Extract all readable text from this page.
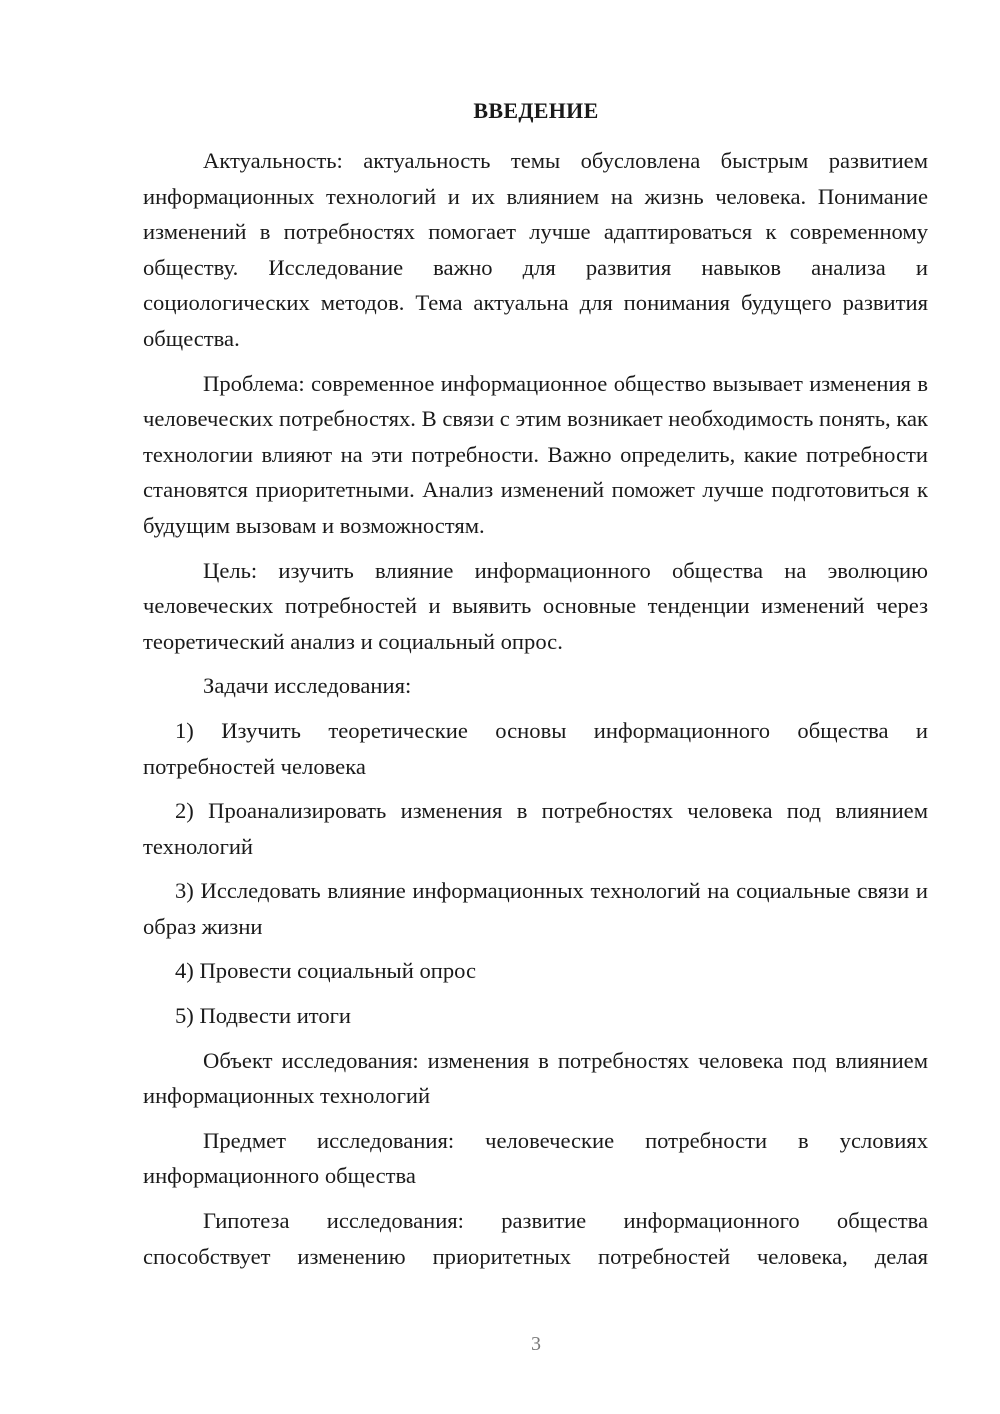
ВВЕДЕНИЕ

Актуальность: актуальность темы обусловлена быстрым развитием информационных технологий и их влиянием на жизнь человека. Понимание изменений в потребностях помогает лучше адаптироваться к современному обществу. Исследование важно для развития навыков анализа и социологических методов. Тема актуальна для понимания будущего развития общества.

Проблема: современное информационное общество вызывает изменения в человеческих потребностях. В связи с этим возникает необходимость понять, как технологии влияют на эти потребности. Важно определить, какие потребности становятся приоритетными. Анализ изменений поможет лучше подготовиться к будущим вызовам и возможностям.

Цель: изучить влияние информационного общества на эволюцию человеческих потребностей и выявить основные тенденции изменений через теоретический анализ и социальный опрос.

Задачи исследования:

1) Изучить теоретические основы информационного общества и потребностей человека

2) Проанализировать изменения в потребностях человека под влиянием технологий

3) Исследовать влияние информационных технологий на социальные связи и образ жизни

4) Провести социальный опрос

5) Подвести итоги

Объект исследования: изменения в потребностях человека под влиянием информационных технологий

Предмет исследования: человеческие потребности в условиях информационного общества

Гипотеза исследования: развитие информационного общества способствует изменению приоритетных потребностей человека, делая

3
